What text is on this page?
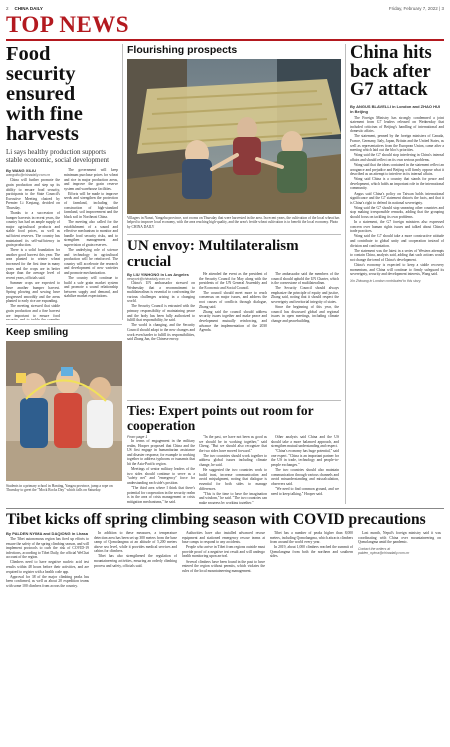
2 CHINA DAILY	Friday, February 7, 2022 | 3
TOP NEWS
Food security ensured with fine harvests
Li says healthy production supports stable economic, social development
By WANG XILIU
wangxiliu@chinadaily.com.cn

China will further promote the grain production and step up its ability to ensure food security, participants to the State Council's Executive Meeting chaired by Premier Li Keqiang, decided on Thursday.

Thanks to a succession of bumper harvests in recent years, the country has had an ample supply of major agricultural products and stable food prices, as well as sufficient reserves. The country has maintained its self-sufficiency in grain production.

There is a solid foundation for another good harvest this year. The area planted to winter wheat increased for the first time in many years and the crops are in better shape than the average level of recent years, officials said.

Summer crops are expected to have another bumper harvest. Spring plowing and sowing have progressed smoothly and the areas planted to early rice are expanding.

The meeting stressed that stable grain production and a fine harvest are important to ensure food

The government will keep minimum purchase prices for wheat and rice in major production areas, and improve the grain reserve system and warehouse facilities.

Efforts will be made to improve seeds and strengthen the protection of farmland, including the construction of high-standard farmland, soil improvement and the black soil in Northeast China.

The meeting also called for the establishment of a sound and effective mechanism to monitor and handle food security risks, and to strengthen management and supervision of grain reserves.

The underlying role of science and technology in agricultural production will be reinforced. The country will accelerate the research and development of new varieties and promote mechanization.

The country will continue to build a safe grain market system and promote a sound relationship between supply and demand, and stabilize market expectations.

Flourishing prospects
Villagers in Nanxi, Yangzhu province, sort rooms on Thursday that were harvested in the area. In recent years, the cultivation of the local wheat has helped to improve local economy, with the area reaching high-quality, and the area's fertile wheat cultivation is to benefit the local economy. Photo by CHINA DAILY
UN envoy: Multilateralism crucial
By LIU YINHONG in Los Angeles
newyork@chinadaily.com.cn

China's UN ambassador stressed on Wednesday that a recommitment to multilateralism is essential to confronting the various challenges arising in a changing world.

The Security Council is entrusted with the primary responsibility of maintaining peace and the body has been fully authorized to fulfill that responsibility, he said.

The world is changing, and the Security Council should adapt to the new changes and work even harder to fulfill its responsibilities, said Zhang Jun, the Chinese envoy.

He attended the event as the president of the Security Council for May along with the presidents of the UN General Assembly and the Economic and Social Council.

The council should meet more to reach consensus on major issues, and address the root causes of conflicts through dialogue, Zhang said.

Zhang said the council should address security issues together and make peace and development mutually reinforcing, and advance the implementation of the 2030 Agenda.

The ambassador said the members of the council should uphold the UN Charter, which is the cornerstone of multilateralism.

The Security Council should always emphasize the principle of equity and justice, Zhang said, noting that it should respect the sovereignty and territorial integrity of states.

Since the beginning of this year, the council has discussed global and regional issues in open meetings, including climate change and peacebuilding.

China hits back after G7 attack
By ANGUS BLAVELLI in London and ZHAO HUI in Beijing

The Foreign Ministry has strongly condemned a joint statement from G7 leaders released on Wednesday that included criticism of Beijing's handling of international and domestic affairs.

The statement, penned by the foreign ministers of Canada, France, Germany, Italy, Japan, Britain and the United States, as well as representatives from the European Union, came after a meeting which laid out the bloc's priorities.

Wang said the G7 should stop interfering in China's internal affairs and should reflect on its own serious problems.

Wang said that the ideas contained in the statement reflect an arrogance and prejudice and Beijing will firmly oppose what it described as an attempt to interfere in its internal affairs.

Wang said China is a country that stands for peace and development, which holds an important role in the international community.

Angus said China's policy on Taiwan holds international significance and the G7 statement distorts the facts, and that it is China's right to defend its national sovereignty.

Wang said the G7 should stop smearing other countries and stop making irresponsible remarks, adding that the grouping should focus on tackling its own problems.

In a statement, the G7 foreign ministers also expressed concern over human rights issues and talked about China's trade practices.

Wang said the G7 should take a more constructive attitude and contribute to global unity and cooperation instead of division and confrontation.

The statement was the latest in a series of Western attempts to contain China, analysts said, adding that such actions would not change the trend of China's development.

China's economy is expected to keep a stable recovery momentum, and China will continue to firmly safeguard its sovereignty, security and development interests, Wang said.

Xin Zhiwang in London contributed to this story.
Keep smiling
Students in a primary school in Hanting, Yangzu province, jump a rope on Thursday to greet the "Mock Rocks Day" which falls on Saturday.
Ties: Expert points out room for cooperation
From page 1

In terms of engagement in the military realm, Hooper proposed that China and the US first engage in humanitarian assistance and disaster response, for example to working together to address typhoons or tsunamis that hit the Asia-Pacific region.

Meetings of senior military leaders of the two sides should continue to serve as a "safety net" and "emergency" force for understanding each side's position.

"The third area where I think that there's potential for cooperation in the security realm is in the area of crisis management or crisis mitigation mechanisms," he said.

"In the past, we have not been as good as we should be in working together," said Cheng. "But we should also recognize that the two sides have moved forward."

The two countries should work together to address global issues including climate change, he said.

He suggested the two countries work to build trust, increase communication and avoid misjudgment, noting that dialogue is essential for both sides to manage differences.

"This is the time to have the imagination and wisdom," he said. "The two countries can make progress by working together."

Other analysts said China and the US should take a more balanced approach, and strengthen mutual understanding and respect.

"China's economy has huge potential," said one expert. "China is an important partner for the US in trade, technology and people-to-people exchanges."

The two countries should also maintain communication through various channels and avoid misunderstanding and miscalculation, observers said.

"We need to find common ground, and we need to keep talking," Hooper said.

Tibet kicks off spring climbing season with COVID precautions
By PALDEN NYIMA and DAQIONG in Lhasa

The Tibet autonomous region has fired up efforts to ensure the safety of the spring climbing season, and will implement protocols to curb the risk of COVID-19 infections, according to Tibet Daily, the official WeChat account of the region.

Climbers need to have negative nucleic acid test results within 48 hours before their activities, and are required to register with a health code app.

Approval for 38 of the major climbing peaks has been confirmed, as well as about 20 expedition teams with some 100 climbers from across the country.

In addition to these measures, a temperature detection area has been set up 300 meters from the base camp of Qomolangma at an altitude of 5,200 meters above sea level, while it provides medical services and cabins for climbers.

Tibet has also strengthened the regulation of mountaineering activities, ensuring an orderly climbing process and safety, officials said.

Authorities have also installed advanced rescue equipment and stationed emergency rescue teams at base camps to respond to any accidents.

People who arrive in Tibet from regions outside must provide proof of a negative test result and will undergo health monitoring upon arrival.

Several climbers have been found in the past to have entered the region without permits, which violates the rules of the local mountaineering management.

Tibet has a number of peaks higher than 8,000 meters, including Qomolangma, which attracts climbers from around the world every year.

In 2019, about 1,000 climbers reached the summit of Qomolangma from both the northern and southern sides.

Last month, Nepal's foreign ministry said it was coordinating with China over mountaineering on Qomolangma amid the pandemic.

Contact the writers at palden_nyima@chinadaily.com.cn
